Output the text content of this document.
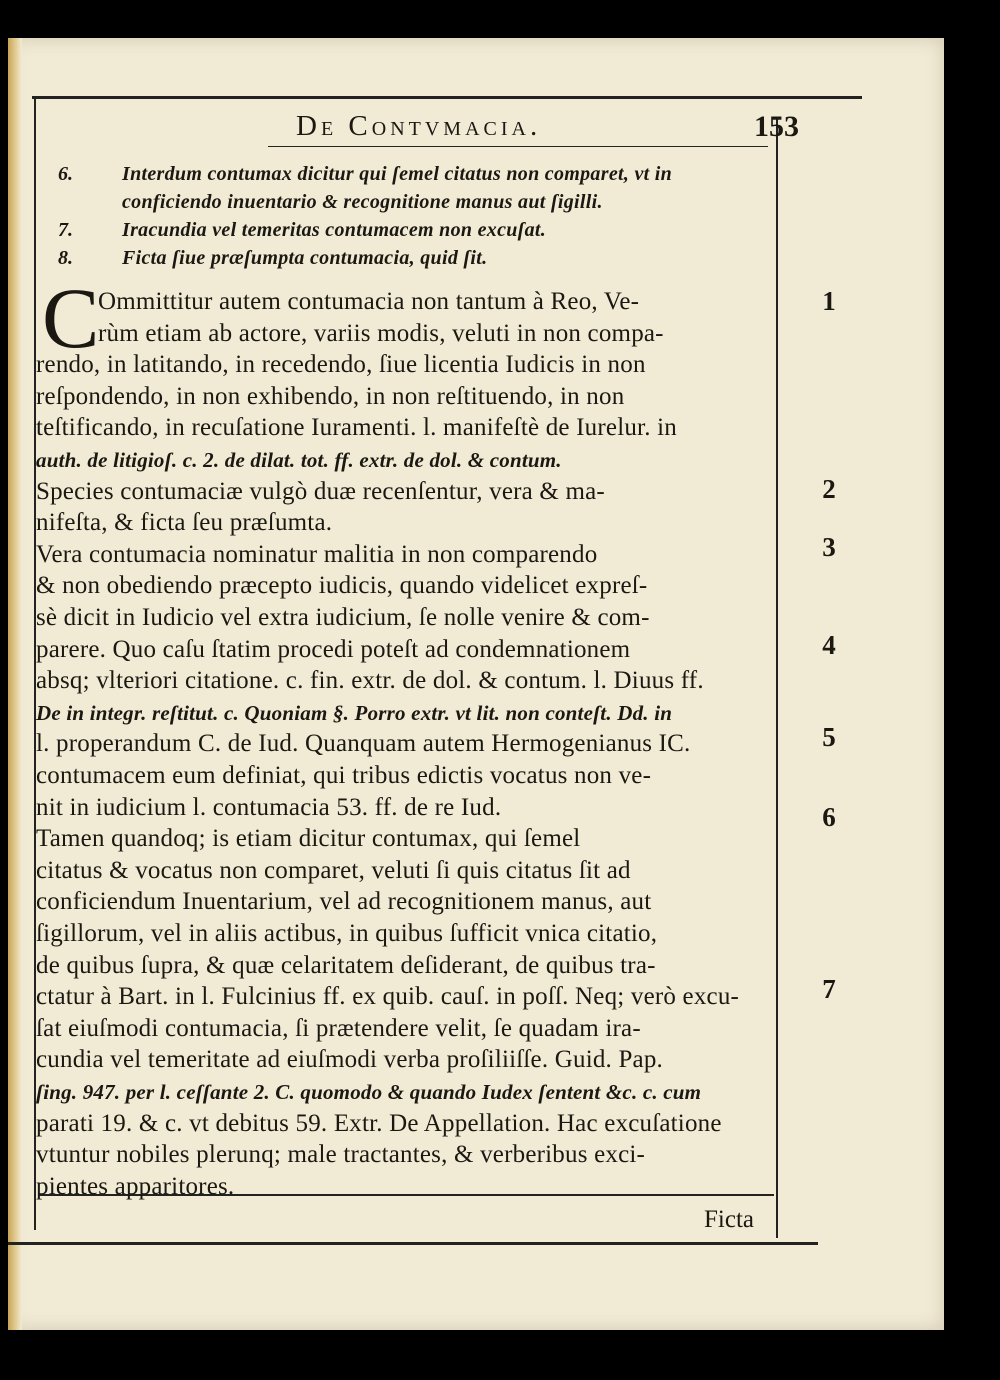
De Contvmacia.	153
6. Interdum contumax dicitur qui ſemel citatus non comparet, vt in
conficiendo inuentario & recognitione manus aut ſigilli.
7. Iracundia vel temeritas contumacem non excuſat.
8. Ficta ſiue præſumpta contumacia, quid ſit.
C
Ommittitur autem contumacia non tantum à Reo, Ve-
rùm etiam ab actore, variis modis, veluti in non compa-
rendo, in latitando, in recedendo, ſiue licentia Iudicis in non
reſpondendo, in non exhibendo, in non reſtituendo, in non
teſtificando, in recuſatione Iuramenti. l. manifeſtè de Iurelur. in
auth. de litigioſ. c. 2. de dilat. tot. ff. extr. de dol. & contum.
Species contumaciæ vulgò duæ recenſentur, vera & ma-
nifeſta, & ficta ſeu præſumta.
Vera contumacia nominatur malitia in non comparendo
& non obediendo præcepto iudicis, quando videlicet expreſ-
sè dicit in Iudicio vel extra iudicium, ſe nolle venire & com-
parere. Quo caſu ſtatim procedi poteſt ad condemnationem
absq; vlteriori citatione. c. fin. extr. de dol. & contum. l. Diuus ff.
De in integr. reſtitut. c. Quoniam §. Porro extr. vt lit. non conteſt. Dd. in
l. properandum C. de Iud. Quanquam autem Hermogenianus IC.
contumacem eum definiat, qui tribus edictis vocatus non ve-
nit in iudicium l. contumacia 53. ff. de re Iud.
Tamen quandoq; is etiam dicitur contumax, qui ſemel
citatus & vocatus non comparet, veluti ſi quis citatus ſit ad
conficiendum Inuentarium, vel ad recognitionem manus, aut
ſigillorum, vel in aliis actibus, in quibus ſufficit vnica citatio,
de quibus ſupra, & quæ celaritatem deſiderant, de quibus tra-
ctatur à Bart. in l. Fulcinius ff. ex quib. cauſ. in poſſ. Neq; verò excu-
ſat eiuſmodi contumacia, ſi prætendere velit, ſe quadam ira-
cundia vel temeritate ad eiuſmodi verba proſiliiſſe. Guid. Pap.
ſing. 947. per l. ceſſante 2. C. quomodo & quando Iudex ſentent &c. c. cum
parati 19. & c. vt debitus 59. Extr. De Appellation. Hac excuſatione
vtuntur nobiles plerunq; male tractantes, & verberibus exci-
pientes apparitores.
1
2
3
4
5
6
7
Ficta
